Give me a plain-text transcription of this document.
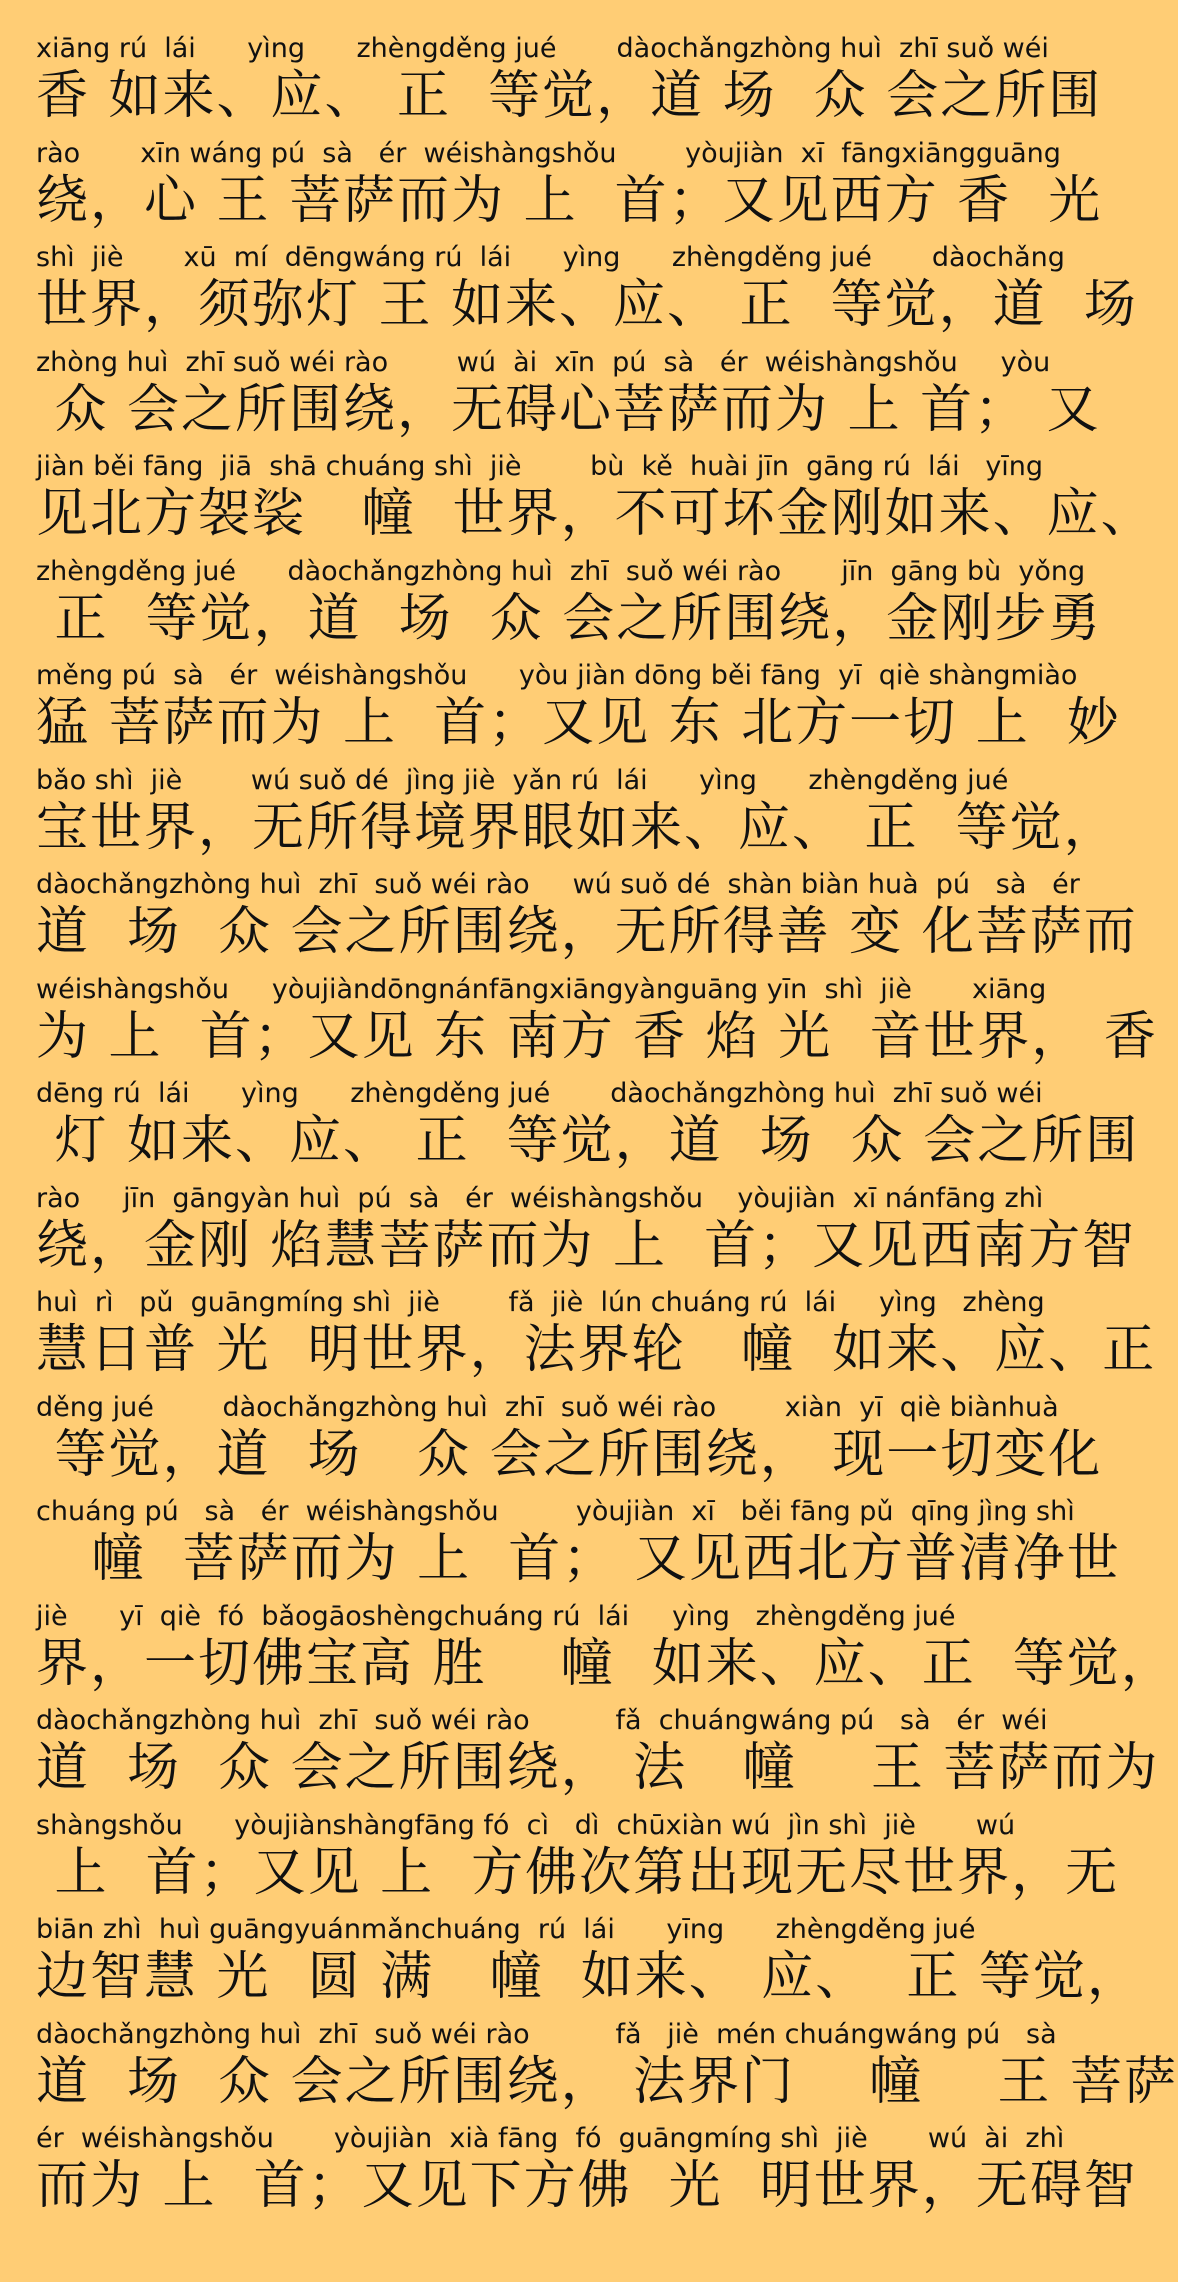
xiāng rú  lái      yìng      zhèngděng jué       dàochǎngzhòng huì  zhī suǒ wéi
香 如来、应、 正  等觉，道 场  众 会之所围
rào       xīn wáng pú  sà   ér  wéishàngshǒu        yòujiàn  xī  fāngxiāngguāng
绕，心 王 菩萨而为 上  首；又见西方 香  光
shì  jiè       xū  mí  dēngwáng rú  lái      yìng      zhèngděng jué       dàochǎng
世界，须弥灯 王 如来、应、 正  等觉，道  场
zhòng huì  zhī suǒ wéi rào        wú  ài  xīn  pú  sà   ér  wéishàngshǒu     yòu
众 会之所围绕，无碍心菩萨而为 上 首； 又
jiàn běi fāng  jiā  shā chuáng shì  jiè        bù  kě  huài jīn  gāng rú  lái   yīng
见北方袈裟   幢  世界，不可坏金刚如来、应、
zhèngděng jué      dàochǎngzhòng huì  zhī  suǒ wéi rào       jīn  gāng bù  yǒng
正  等觉，道  场  众 会之所围绕，金刚步勇
měng pú  sà   ér  wéishàngshǒu      yòu jiàn dōng běi fāng  yī  qiè shàngmiào
猛 菩萨而为 上  首；又见 东 北方一切 上  妙
bǎo shì  jiè        wú suǒ dé  jìng jiè  yǎn rú  lái      yìng      zhèngděng jué
宝世界，无所得境界眼如来、应、 正  等觉，
dàochǎngzhòng huì  zhī  suǒ wéi rào     wú suǒ dé  shàn biàn huà  pú   sà   ér
道  场  众 会之所围绕，无所得善 变 化菩萨而
wéishàngshǒu     yòujiàndōngnánfāngxiāngyànguāng yīn  shì  jiè       xiāng
为 上  首；又见 东 南方 香 焰 光  音世界， 香
dēng rú  lái      yìng      zhèngděng jué       dàochǎngzhòng huì  zhī suǒ wéi
灯 如来、应、 正  等觉，道  场  众 会之所围
rào     jīn  gāngyàn huì  pú  sà   ér  wéishàngshǒu    yòujiàn  xī nánfāng zhì
绕，金刚 焰慧菩萨而为 上  首；又见西南方智
huì  rì   pǔ  guāngmíng shì  jiè        fǎ  jiè  lún chuáng rú  lái     yìng   zhèng
慧日普 光  明世界，法界轮   幢  如来、应、正
děng jué        dàochǎngzhòng huì  zhī  suǒ wéi rào        xiàn  yī  qiè biànhuà
等觉，道  场   众 会之所围绕， 现一切变化
chuáng pú   sà   ér  wéishàngshǒu         yòujiàn  xī   běi fāng pǔ  qīng jìng shì
幢  菩萨而为 上  首； 又见西北方普清净世
jiè      yī  qiè  fó  bǎogāoshèngchuáng rú  lái     yìng   zhèngděng jué
界，一切佛宝高 胜    幢  如来、应、正  等觉，
dàochǎngzhòng huì  zhī  suǒ wéi rào          fǎ  chuángwáng pú   sà   ér  wéi
道  场  众 会之所围绕， 法   幢    王 菩萨而为
shàngshǒu      yòujiànshàngfāng fó  cì   dì  chūxiàn wú  jìn shì  jiè       wú
上  首；又见 上  方佛次第出现无尽世界，无
biān zhì  huì guāngyuánmǎnchuáng  rú  lái      yīng      zhèngděng jué
边智慧 光  圆 满   幢  如来、 应、  正 等觉，
dàochǎngzhòng huì  zhī  suǒ wéi rào          fǎ   jiè  mén chuángwáng pú   sà
道  场  众 会之所围绕， 法界门    幢    王 菩萨
ér  wéishàngshǒu       yòujiàn  xià fāng  fó  guāngmíng shì  jiè       wú  ài  zhì
而为 上  首；又见下方佛  光  明世界，无碍智
